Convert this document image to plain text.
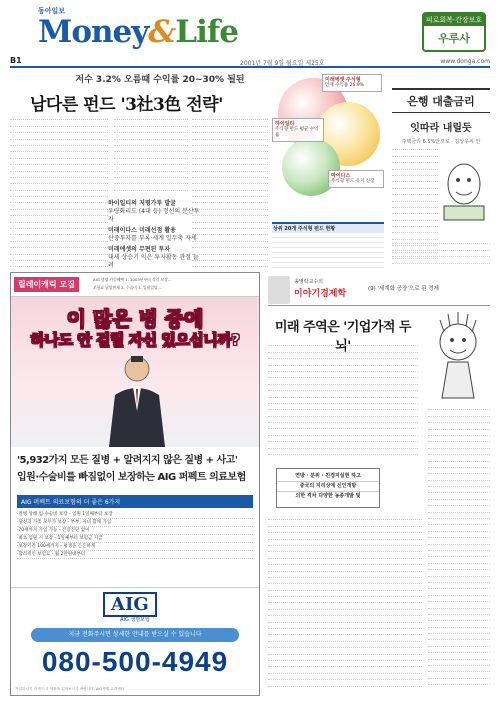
동아일보
Money&Life	피로회복·간장보호
우루사
B1	2001년 7월 9일 월요일 제25호	www.donga.com
저수 3.2% 오름때 수익률 20~30% 될된
남다른 펀드 '3社3色 전략'
하이일티의 저평가투 발굴
우량화리도 (4대 등) 정선의 분산투자
미래이다스 미래선점 활용
산중투자를 부록·세계 일두축 자세
미래에셋의 무편된 투자
대세 상승기 익은 투자활동 관절 늘려
미래에셋 주식형
인재 수익률 26.9%
하이일티
주식형 펀드 평균 수익률
마이다스
주식형 펀드 유지 신장
상위 20개 주식형 펀드 현황
은행 대출금리
잇따라 내릴듯
주택금리 6.5%안으로 · 김상우씨 안
릴레이캐릭 모집
AIG 생명 가입혜택 1. 2003년부터 각각 보장...
보험료 납입면제 2. 수술비 3. 입원일당 ...
이 많은 병 중에
하나도 안 걸릴 자신 있으십니까?
'5,932가지 모든 질병 + 알려지지 않은 질병 + 사고'
입원·수술비를 빠짐없이 보장하는 AIG 퍼펙트 의료보험
AIG 퍼펙트 의료보험의 더 좋은 6가지
·질병 상해 입·수술비 보장 - 입원 1일째부터 보장
·당신과 가족 모두가 보장 - 부부, 자녀 함께 가입
·70세까지 가입 가능 - 건강진단 없이
·최초 입원 시 보장 - 1일째부터 보험금 지급
·보장기간 100세까지 - 평생을 든든하게
·합리적인 보험료 - 월 2만원대부터
AIG
AIG 생명보험
지금 전화주시면 상세한 안내를 받으실 수 있습니다
080-500-4949
가입하시기 전 반드시 약관을 읽어보시기 바랍니다. AIG생명 고객센터
송병락교수의
이야기경제학	(9) '세계화 공장'으로 된 경제
미래 주역은 '기업가적 두뇌'
연방 · 분위 · 친경지실현 하고
중국의 지리상에 신인개방
의한 격차 다양한 농종개발 및
